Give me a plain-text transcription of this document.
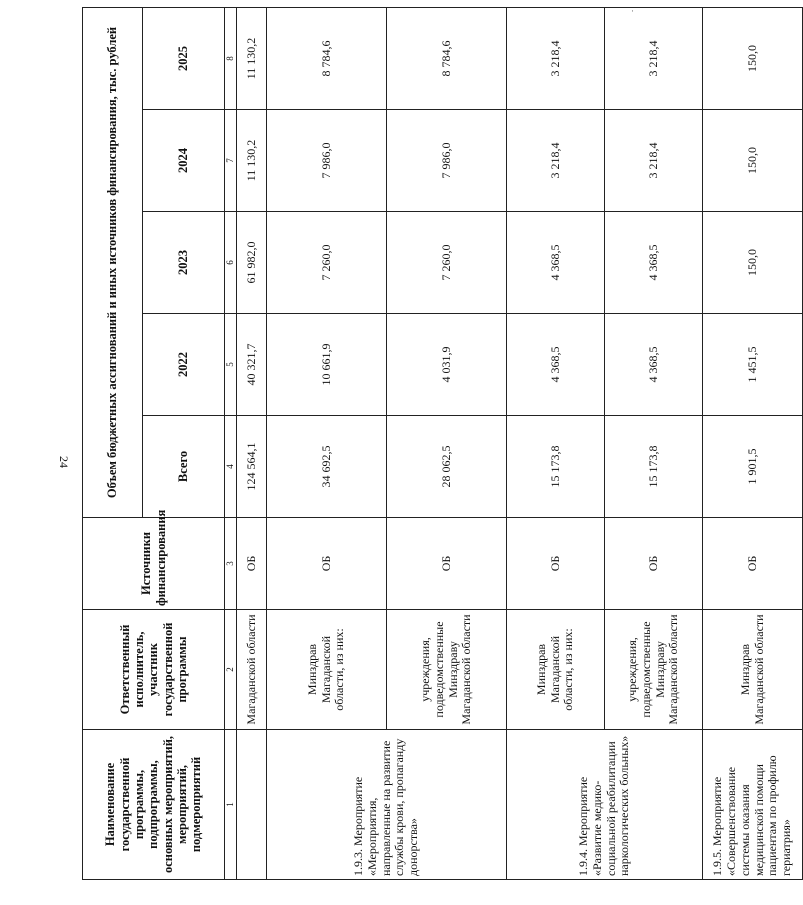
·
24
Наименование государственной программы, подпрограммы, основных мероприятий, мероприятий, подмероприятий	Ответственный исполнитель, участник государственной программы	Источники финансирования	Объем бюджетных ассигнований и иных источников финансирования, тыс. рублей				
			Всего	2022	2023	2024	2025
1	2	3	4	5	6	7	8
	Магаданской области	ОБ	124 564,1	40 321,7	61 982,0	11 130,2	11 130,2
1.9.3. Мероприятие «Мероприятия, направленные на развитие службы крови, пропаганду донорства»	Минздрав Магаданской области, из них:	ОБ	34 692,5	10 661,9	7 260,0	7 986,0	8 784,6
	учреждения, подведомственные Минздраву Магаданской области	ОБ	28 062,5	4 031,9	7 260,0	7 986,0	8 784,6
1.9.4. Мероприятие «Развитие медико-социальной реабилитации наркологических больных»	Минздрав Магаданской области, из них:	ОБ	15 173,8	4 368,5	4 368,5	3 218,4	3 218,4
	учреждения, подведомственные Минздраву Магаданской области	ОБ	15 173,8	4 368,5	4 368,5	3 218,4	3 218,4
1.9.5. Мероприятие «Совершенствование системы оказания медицинской помощи пациентам по профилю гериатрия»	Минздрав Магаданской области	ОБ	1 901,5	1 451,5	150,0	150,0	150,0
